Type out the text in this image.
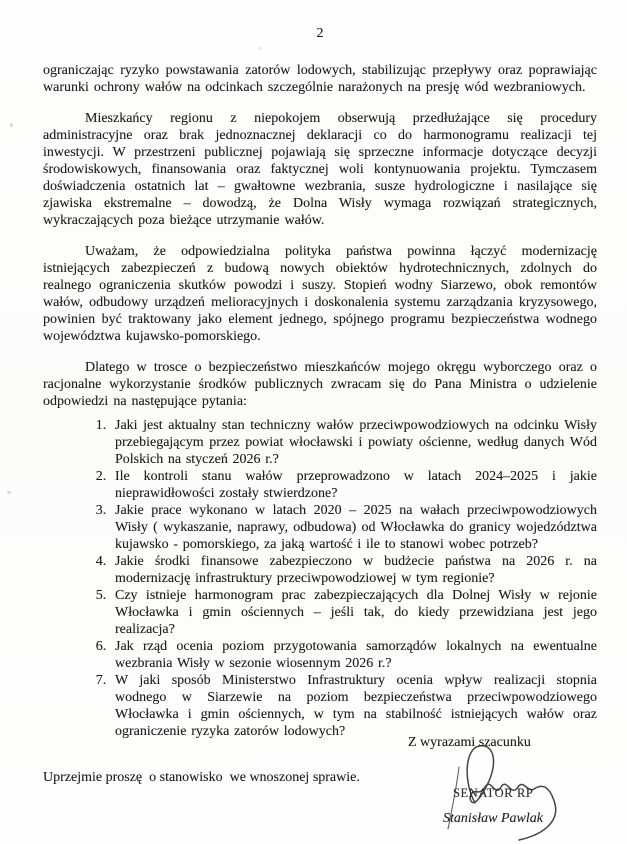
2

ograniczając ryzyko powstawania zatorów lodowych, stabilizując przepływy oraz poprawiając warunki ochrony wałów na odcinkach szczególnie narażonych na presję wód wezbraniowych.

Mieszkańcy regionu z niepokojem obserwują przedłużające się procedury administracyjne oraz brak jednoznacznej deklaracji co do harmonogramu realizacji tej inwestycji. W przestrzeni publicznej pojawiają się sprzeczne informacje dotyczące decyzji środowiskowych, finansowania oraz faktycznej woli kontynuowania projektu. Tymczasem doświadczenia ostatnich lat – gwałtowne wezbrania, susze hydrologiczne i nasilające się zjawiska ekstremalne – dowodzą, że Dolna Wisły wymaga rozwiązań strategicznych, wykraczających poza bieżące utrzymanie wałów.

Uważam, że odpowiedzialna polityka państwa powinna łączyć modernizację istniejących zabezpieczeń z budową nowych obiektów hydrotechnicznych, zdolnych do realnego ograniczenia skutków powodzi i suszy. Stopień wodny Siarzewo, obok remontów wałów, odbudowy urządzeń melioracyjnych i doskonalenia systemu zarządzania kryzysowego, powinien być traktowany jako element jednego, spójnego programu bezpieczeństwa wodnego województwa kujawsko-pomorskiego.

Dlatego w trosce o bezpieczeństwo mieszkańców mojego okręgu wyborczego oraz o racjonalne wykorzystanie środków publicznych zwracam się do Pana Ministra o udzielenie odpowiedzi na następujące pytania:

1. Jaki jest aktualny stan techniczny wałów przeciwpowodziowych na odcinku Wisły przebiegającym przez powiat włocławski i powiaty ościenne, według danych Wód Polskich na styczeń 2026 r.?
2. Ile kontroli stanu wałów przeprowadzono w latach 2024–2025 i jakie nieprawidłowości zostały stwierdzone?
3. Jakie prace wykonano w latach 2020 – 2025 na wałach przeciwpowodziowych Wisły ( wykaszanie, naprawy, odbudowa) od Włocławka do granicy wojedzództwa kujawsko - pomorskiego, za jaką wartość i ile to stanowi wobec potrzeb?
4. Jakie środki finansowe zabezpieczono w budżecie państwa na 2026 r. na modernizację infrastruktury przeciwpowodziowej w tym regionie?
5. Czy istnieje harmonogram prac zabezpieczających dla Dolnej Wisły w rejonie Włocławka i gmin ościennych – jeśli tak, do kiedy przewidziana jest jego realizacja?
6. Jak rząd ocenia poziom przygotowania samorządów lokalnych na ewentualne wezbrania Wisły w sezonie wiosennym 2026 r.?
7. W jaki sposób Ministerstwo Infrastruktury ocenia wpływ realizacji stopnia wodnego w Siarzewie na poziom bezpieczeństwa przeciwpowodziowego Włocławka i gmin ościennych, w tym na stabilność istniejących wałów oraz ograniczenie ryzyka zatorów lodowych?

Uprzejmie proszę  o stanowisko  we wnoszonej sprawie.

Z wyrazami szacunku
SENATOR RP
Stanisław Pawlak
